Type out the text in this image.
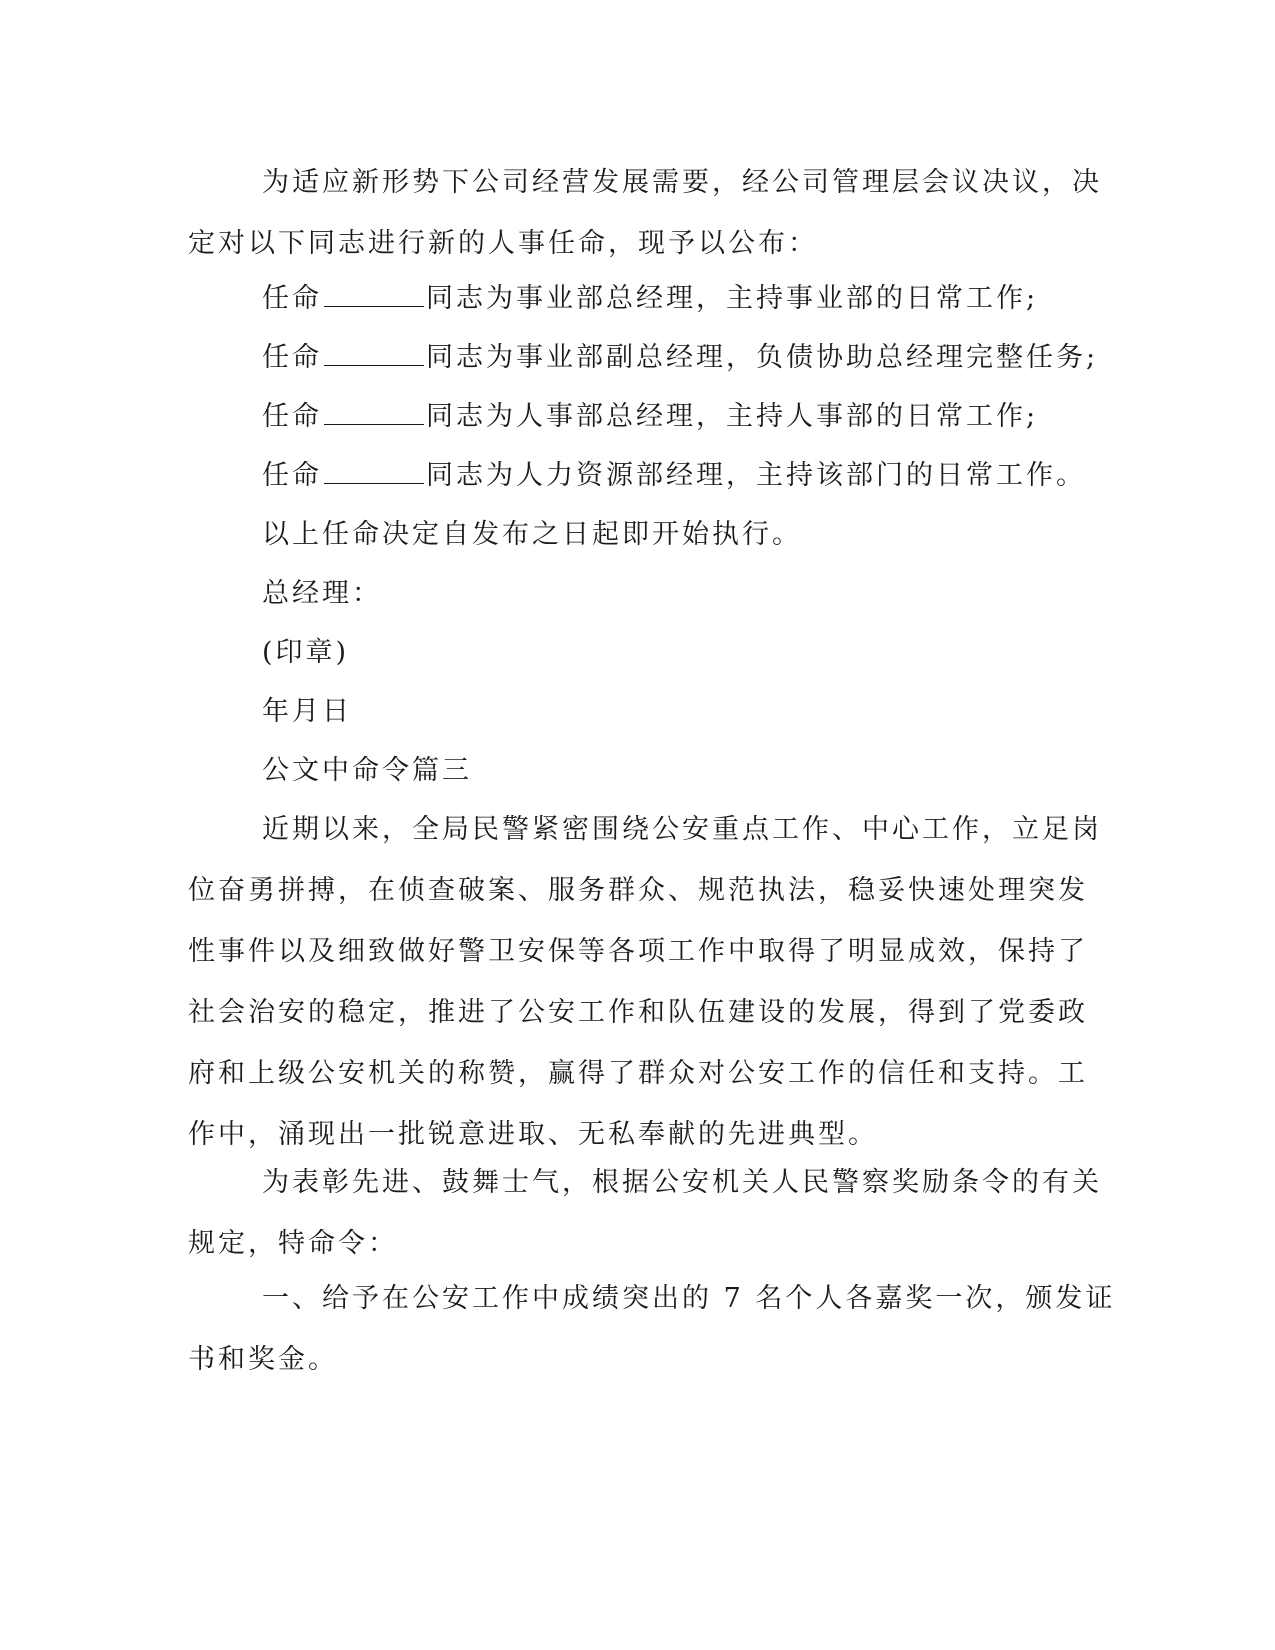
为适应新形势下公司经营发展需要，经公司管理层会议决议，决
定对以下同志进行新的人事任命，现予以公布：

任命	同志为事业部总经理，主持事业部的日常工作;

任命	同志为事业部副总经理，负债协助总经理完整任务;

任命	同志为人事部总经理，主持人事部的日常工作;

任命	同志为人力资源部经理，主持该部门的日常工作。

以上任命决定自发布之日起即开始执行。

总经理：

(印章)

年月日

公文中命令篇三

近期以来，全局民警紧密围绕公安重点工作、中心工作，立足岗
位奋勇拼搏，在侦查破案、服务群众、规范执法，稳妥快速处理突发
性事件以及细致做好警卫安保等各项工作中取得了明显成效，保持了
社会治安的稳定，推进了公安工作和队伍建设的发展，得到了党委政
府和上级公安机关的称赞，赢得了群众对公安工作的信任和支持。工
作中，涌现出一批锐意进取、无私奉献的先进典型。

为表彰先进、鼓舞士气，根据公安机关人民警察奖励条令的有关
规定，特命令：

一、给予在公安工作中成绩突出的 7 名个人各嘉奖一次，颁发证
书和奖金。
